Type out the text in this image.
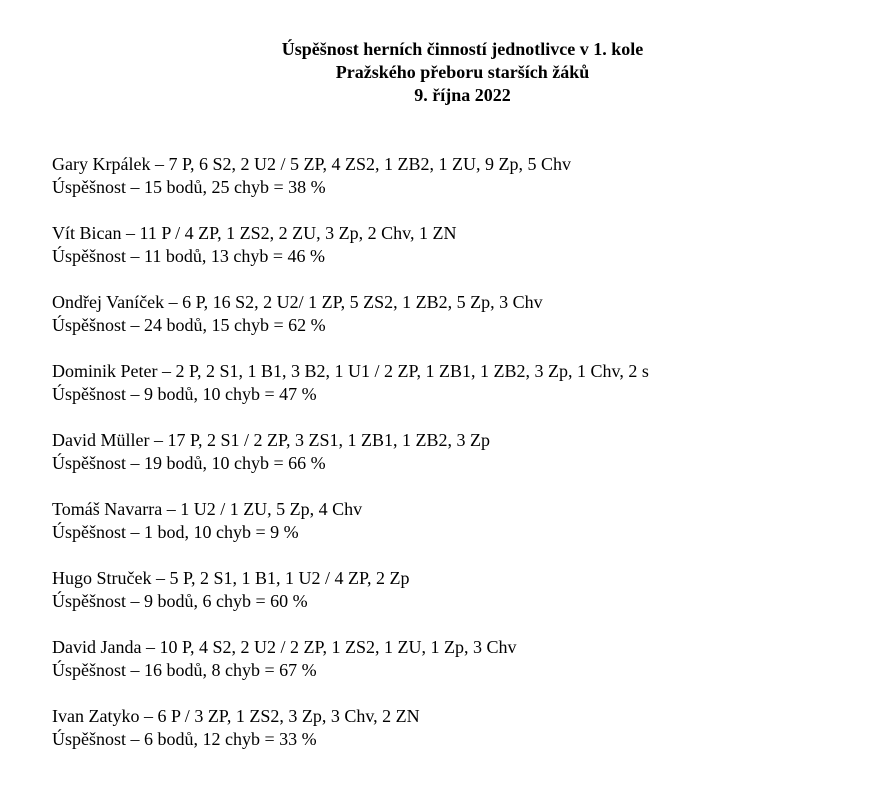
Úspěšnost herních činností jednotlivce v 1. kole
Pražského přeboru starších žáků
9. října 2022
Gary Krpálek – 7 P, 6 S2, 2 U2 / 5 ZP, 4 ZS2, 1 ZB2, 1 ZU, 9 Zp, 5 Chv
Úspěšnost – 15 bodů, 25 chyb = 38 %
Vít Bican – 11 P / 4 ZP, 1 ZS2, 2 ZU, 3 Zp, 2 Chv, 1 ZN
Úspěšnost – 11 bodů, 13 chyb = 46 %
Ondřej Vaníček – 6 P, 16 S2, 2 U2/ 1 ZP, 5 ZS2, 1 ZB2, 5 Zp, 3 Chv
Úspěšnost – 24 bodů, 15 chyb = 62 %
Dominik Peter – 2 P, 2 S1, 1 B1, 3 B2, 1 U1 / 2 ZP, 1 ZB1, 1 ZB2, 3 Zp, 1 Chv, 2 s
Úspěšnost – 9 bodů, 10 chyb = 47 %
David Müller – 17 P, 2 S1 / 2 ZP, 3 ZS1, 1 ZB1, 1 ZB2, 3 Zp
Úspěšnost – 19 bodů, 10 chyb = 66 %
Tomáš Navarra – 1 U2 / 1 ZU, 5 Zp, 4 Chv
Úspěšnost – 1 bod, 10 chyb = 9 %
Hugo Struček – 5 P, 2 S1, 1 B1, 1 U2 / 4 ZP, 2 Zp
Úspěšnost – 9 bodů, 6 chyb = 60 %
David Janda – 10 P, 4 S2, 2 U2 / 2 ZP, 1 ZS2, 1 ZU, 1 Zp, 3 Chv
Úspěšnost – 16 bodů, 8 chyb = 67 %
Ivan Zatyko – 6 P / 3 ZP, 1 ZS2, 3 Zp, 3 Chv, 2 ZN
Úspěšnost – 6 bodů, 12 chyb = 33 %
